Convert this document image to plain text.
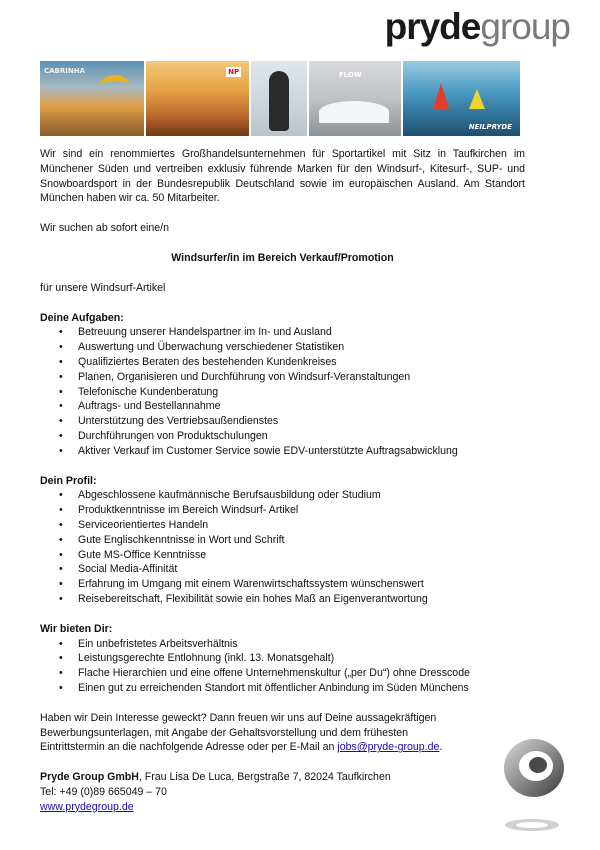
prydegroup
CABRINHA	NP	FLOW
NEILPRYDE

Wir sind ein renommiertes Großhandelsunternehmen für Sportartikel mit Sitz in Taufkirchen im Münchener Süden und vertreiben exklusiv führende Marken für den Windsurf-, Kitesurf-, SUP- und Snowboardsport in der Bundesrepublik Deutschland sowie im europäischen Ausland. Am Standort München haben wir ca. 50 Mitarbeiter.

Wir suchen ab sofort eine/n

Windsurfer/in im Bereich Verkauf/Promotion

für unsere Windsurf-Artikel

Deine Aufgaben:

• Betreuung unserer Handelspartner im In- und Ausland
• Auswertung und Überwachung verschiedener Statistiken
• Qualifiziertes Beraten des bestehenden Kundenkreises
• Planen, Organisieren und Durchführung von Windsurf-Veranstaltungen
• Telefonische Kundenberatung
• Auftrags- und Bestellannahme
• Unterstützung des Vertriebsaußendienstes
• Durchführungen von Produktschulungen
• Aktiver Verkauf im Customer Service sowie EDV-unterstützte Auftragsabwicklung

Dein Profil:

• Abgeschlossene kaufmännische Berufsausbildung oder Studium
• Produktkenntnisse im Bereich Windsurf- Artikel
• Serviceorientiertes Handeln
• Gute Englischkenntnisse in Wort und Schrift
• Gute MS-Office Kenntnisse
• Social Media-Affinität
• Erfahrung im Umgang mit einem Warenwirtschaftssystem wünschenswert
• Reisebereitschaft, Flexibilität sowie ein hohes Maß an Eigenverantwortung

Wir bieten Dir:

• Ein unbefristetes Arbeitsverhältnis
• Leistungsgerechte Entlohnung (inkl. 13. Monatsgehalt)
• Flache Hierarchien und eine offene Unternehmenskultur („per Du“) ohne Dresscode
• Einen gut zu erreichenden Standort mit öffentlicher Anbindung im Süden Münchens

Haben wir Dein Interesse geweckt? Dann freuen wir uns auf Deine aussagekräftigen Bewerbungsunterlagen, mit Angabe der Gehaltsvorstellung und dem frühesten Eintrittstermin an die nachfolgende Adresse oder per E-Mail an jobs@pryde-group.de.

Pryde Group GmbH, Frau Lisa De Luca, Bergstraße 7, 82024 Taufkirchen

Tel: +49 (0)89 665049 – 70

www.prydegroup.de
